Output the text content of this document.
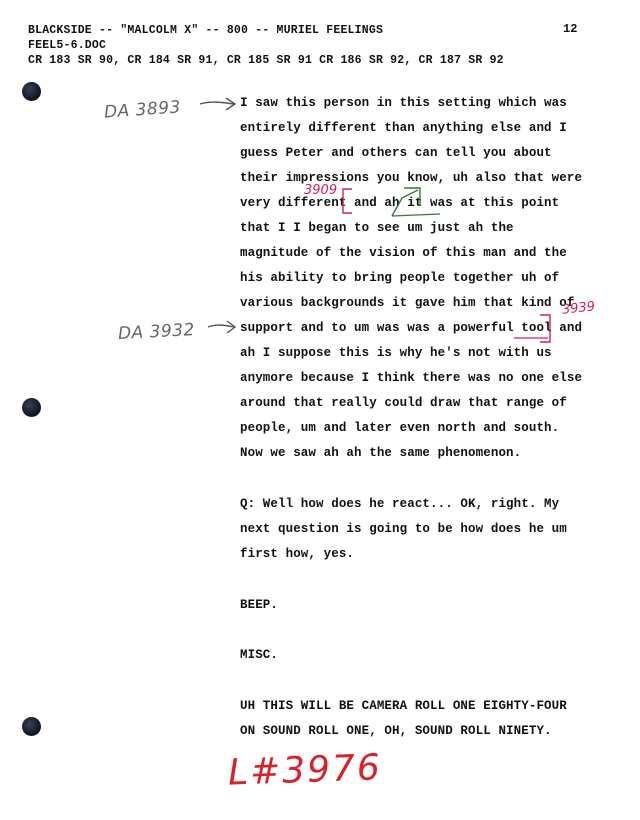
BLACKSIDE -- "MALCOLM X" -- 800 -- MURIEL FEELINGS
FEEL5-6.DOC
CR 183 SR 90, CR 184 SR 91, CR 185 SR 91 CR 186 SR 92, CR 187 SR 92
12
I saw this person in this setting which was
entirely different than anything else and I
guess Peter and others can tell you about
their impressions you know, uh also that were
very different and ah it was at this point
that I I began to see um just ah the
magnitude of the vision of this man and the
his ability to bring people together uh of
various backgrounds it gave him that kind of
support and to um was was a powerful tool and
ah I suppose this is why he's not with us
anymore because I think there was no one else
around that really could draw that range of
people, um and later even north and south.
Now we saw ah ah the same phenomenon.
Q: Well how does he react... OK, right. My
next question is going to be how does he um
first how, yes.
BEEP.
MISC.
UH THIS WILL BE CAMERA ROLL ONE EIGHTY-FOUR
ON SOUND ROLL ONE, OH, SOUND ROLL NINETY.
DA 3893
DA 3932
3909
3939
L#3976
